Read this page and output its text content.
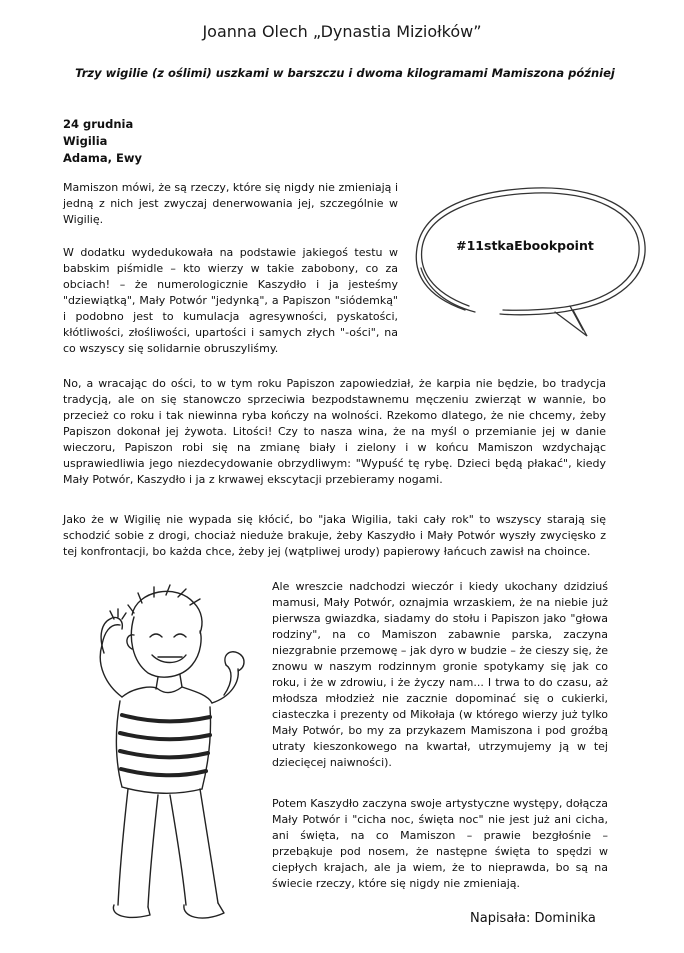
Joanna Olech „Dynastia Miziołków”
Trzy wigilie (z oślimi) uszkami w barszczu i dwoma kilogramami Mamiszona później
24 grudnia
Wigilia
Adama, Ewy
Mamiszon mówi, że są rzeczy, które się nigdy nie zmieniają i jedną z nich jest zwyczaj denerwowania jej, szczególnie w Wigilię.
W dodatku wydedukowała na podstawie jakiegoś testu w babskim piśmidle – kto wierzy w takie zabobony, co za obciach! – że numerologicznie Kaszydło i ja jesteśmy "dziewiątką", Mały Potwór "jedynką", a Papiszon "siódemką" i podobno jest to kumulacja agresywności, pyskatości, kłótliwości, złośliwości, upartości i samych złych "-ości", na co wszyscy się solidarnie obruszyliśmy.
#11stkaEbookpoint
No, a wracając do ości, to w tym roku Papiszon zapowiedział, że karpia nie będzie, bo tradycja tradycją, ale on się stanowczo sprzeciwia bezpodstawnemu męczeniu zwierząt w wannie, bo przecież co roku i tak niewinna ryba kończy na wolności. Rzekomo dlatego, że nie chcemy, żeby Papiszon dokonał jej żywota. Litości! Czy to nasza wina, że na myśl o przemianie jej w danie wieczoru, Papiszon robi się na zmianę biały i zielony i w końcu Mamiszon wzdychając usprawiedliwia jego niezdecydowanie obrzydliwym: "Wypuść tę rybę. Dzieci będą płakać", kiedy Mały Potwór, Kaszydło i ja z krwawej ekscytacji przebieramy nogami.
Jako że w Wigilię nie wypada się kłócić, bo "jaka Wigilia, taki cały rok" to wszyscy starają się schodzić sobie z drogi, chociaż nieduże brakuje, żeby Kaszydło i Mały Potwór wyszły zwycięsko z tej konfrontacji, bo każda chce, żeby jej (wątpliwej urody) papierowy łańcuch zawisł na choince.
Ale wreszcie nadchodzi wieczór i kiedy ukochany dzidziuś mamusi, Mały Potwór, oznajmia wrzaskiem, że na niebie już pierwsza gwiazdka, siadamy do stołu i Papiszon jako "głowa rodziny", na co Mamiszon zabawnie parska, zaczyna niezgrabnie przemowę – jak dyro w budzie – że cieszy się, że znowu w naszym rodzinnym gronie spotykamy się jak co roku, i że w zdrowiu, i że życzy nam... I trwa to do czasu, aż młodsza młodzież nie zacznie dopominać się o cukierki, ciasteczka i prezenty od Mikołaja (w którego wierzy już tylko Mały Potwór, bo my za przykazem Mamiszona i pod groźbą utraty kieszonkowego na kwartał, utrzymujemy ją w tej dziecięcej naiwności).
Potem Kaszydło zaczyna swoje artystyczne występy, dołącza Mały Potwór i "cicha noc, święta noc" nie jest już ani cicha, ani święta, na co Mamiszon – prawie bezgłośnie – przebąkuje pod nosem, że następne święta to spędzi w ciepłych krajach, ale ja wiem, że to nieprawda, bo są na świecie rzeczy, które się nigdy nie zmieniają.
Napisała: Dominika
